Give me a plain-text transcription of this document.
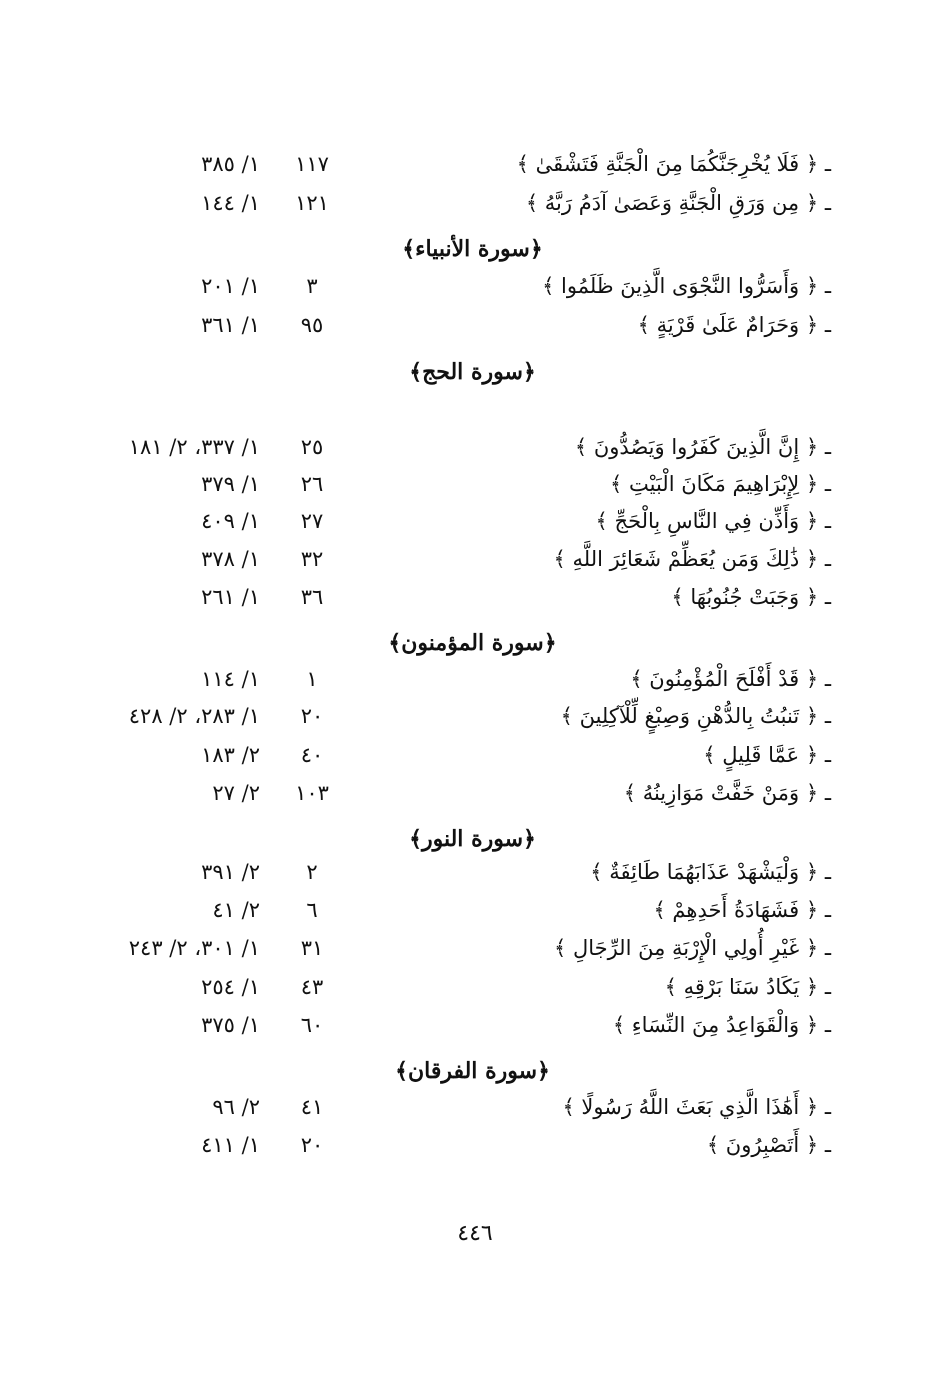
ـ ﴿ فَلَا يُخْرِجَنَّكُمَا مِنَ الْجَنَّةِ فَتَشْقَىٰ ﴾
١١٧
١/ ٣٨٥
ـ ﴿ مِن وَرَقِ الْجَنَّةِ وَعَصَىٰ آدَمُ رَبَّهُ ﴾
١٢١
١/ ١٤٤
﴿سورة الأنبياء﴾
ـ ﴿ وَأَسَرُّوا النَّجْوَى الَّذِينَ ظَلَمُوا ﴾
٣
١/ ٢٠١
ـ ﴿ وَحَرَامٌ عَلَىٰ قَرْيَةٍ ﴾
٩٥
١/ ٣٦١
﴿سورة الحج﴾
ـ ﴿ إِنَّ الَّذِينَ كَفَرُوا وَيَصُدُّونَ ﴾
٢٥
١/ ٣٣٧، ٢/ ١٨١
ـ ﴿ لِإِبْرَاهِيمَ مَكَانَ الْبَيْتِ ﴾
٢٦
١/ ٣٧٩
ـ ﴿ وَأَذِّن فِي النَّاسِ بِالْحَجِّ ﴾
٢٧
١/ ٤٠٩
ـ ﴿ ذَٰلِكَ وَمَن يُعَظِّمْ شَعَائِرَ اللَّهِ ﴾
٣٢
١/ ٣٧٨
ـ ﴿ وَجَبَتْ جُنُوبُهَا ﴾
٣٦
١/ ٢٦١
﴿سورة المؤمنون﴾
ـ ﴿ قَدْ أَفْلَحَ الْمُؤْمِنُونَ ﴾
١
١/ ١١٤
ـ ﴿ تَنبُتُ بِالدُّهْنِ وَصِبْغٍ لِّلْآكِلِينَ ﴾
٢٠
١/ ٢٨٣، ٢/ ٤٢٨
ـ ﴿ عَمَّا قَلِيلٍ ﴾
٤٠
٢/ ١٨٣
ـ ﴿ وَمَنْ خَفَّتْ مَوَازِينُهُ ﴾
١٠٣
٢/ ٢٧
﴿سورة النور﴾
ـ ﴿ وَلْيَشْهَدْ عَذَابَهُمَا طَائِفَةٌ ﴾
٢
٢/ ٣٩١
ـ ﴿ فَشَهَادَةُ أَحَدِهِمْ ﴾
٦
٢/ ٤١
ـ ﴿ غَيْرِ أُولِي الْإِرْبَةِ مِنَ الرِّجَالِ ﴾
٣١
١/ ٣٠١، ٢/ ٢٤٣
ـ ﴿ يَكَادُ سَنَا بَرْقِهِ ﴾
٤٣
١/ ٢٥٤
ـ ﴿ وَالْقَوَاعِدُ مِنَ النِّسَاءِ ﴾
٦٠
١/ ٣٧٥
﴿سورة الفرقان﴾
ـ ﴿ أَهَٰذَا الَّذِي بَعَثَ اللَّهُ رَسُولًا ﴾
٤١
٢/ ٩٦
ـ ﴿ أَتَصْبِرُونَ ﴾
٢٠
١/ ٤١١
٤٤٦
